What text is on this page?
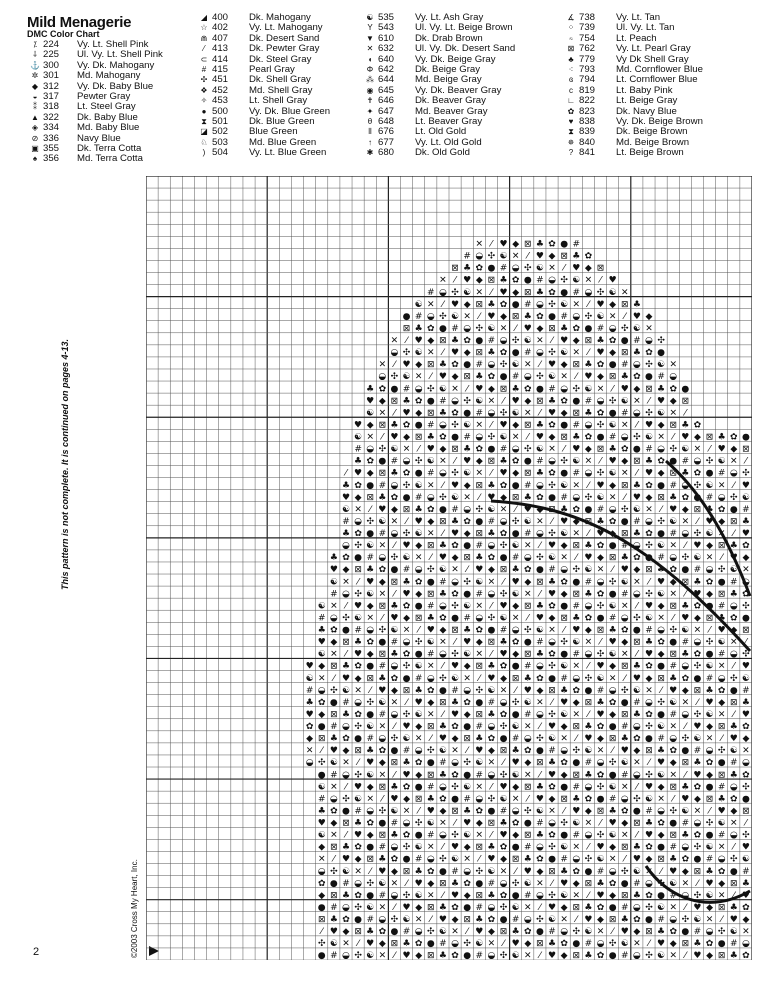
Mild Menagerie
DMC Color Chart
⁒ 224	Vy. Lt. Shell Pink
⸸ 225	Ul. Vy. Lt. Shell Pink
⚓ 300	Vy. Dk. Mahogany
✲ 301	Md. Mahogany
◆ 312	Vy. Dk. Baby Blue
◒ 317	Pewter Gray
⁑ 318	Lt. Steel Gray
▲ 322	Dk. Baby Blue
◈ 334	Md. Baby Blue
⊘ 336	Navy Blue
▣ 355	Dk. Terra Cotta
♠ 356	Md. Terra Cotta
◢ 400	Dk. Mahogany
☆ 402	Vy. Lt. Mahogany
⋒ 407	Dk. Desert Sand
⁄ 413	Dk. Pewter Gray
⊂ 414	Dk. Steel Gray
# 415	Pearl Gray
✣ 451	Dk. Shell Gray
❖ 452	Md. Shell Gray
✧ 453	Lt. Shell Gray
● 500	Vy. Dk. Blue Green
⧗ 501	Dk. Blue Green
◪ 502	Blue Green
♘ 503	Md. Blue Green
) 504	Vy. Lt. Blue Green
☯ 535	Vy. Lt. Ash Gray
Y 543	Ul. Vy. Lt. Beige Brown
▼ 610	Dk. Drab Brown
✕ 632	Ul. Vy. Dk. Desert Sand
◖ 640	Vy. Dk. Beige Gray
Φ 642	Dk. Beige Gray
⁂ 644	Md. Beige Gray
◉ 645	Vy. Dk. Beaver Gray
✝ 646	Dk. Beaver Gray
✦ 647	Md. Beaver Gray
θ 648	Lt. Beaver Gray
⦀ 676	Lt. Old Gold
↑ 677	Vy. Lt. Old Gold
✱ 680	Dk. Old Gold
∡ 738	Vy. Lt. Tan
⁘ 739	Ul. Vy. Lt. Tan
⍨ 754	Lt. Peach
⊠ 762	Vy. Lt. Pearl Gray
♣ 779	Vy Dk Shell Gray
⁖ 793	Md. Cornflower Blue
ɞ 794	Lt. Cornflower Blue
c 819	Lt. Baby Pink
∟ 822	Lt. Beige Gray
✿ 823	Dk. Navy Blue
♥ 838	Vy. Dk. Beige Brown
⧗ 839	Dk. Beige Brown
✵ 840	Md. Beige Brown
? 841	Lt. Beige Brown
This pattern is not complete. It is continued on pages 4-13.
©2003 Cross My Heart, Inc.
2
✕ ⁄ ♥ ◆ ⊠ ♣ ✿ ● #
# ◒ ✣ ☯ ✕ ⁄ ♥ ◆ ⊠ ♣ ✿
⊠ ♣ ✿ ● # ◒ ✣ ☯ ✕ ⁄ ♥ ◆ ⊠
✕ ⁄ ♥ ◆ ⊠ ♣ ✿ ● # ◒ ✣ ☯ ✕ ⁄ ♥
# ◒ ✣ ☯ ✕ ⁄ ♥ ◆ ⊠ ♣ ✿ ● # ◒ ✣ ☯ ✕
☯ ✕ ⁄ ♥ ◆ ⊠ ♣ ✿ ● # ◒ ✣ ☯ ✕ ⁄ ♥ ◆ ⊠ ♣
● # ◒ ✣ ☯ ✕ ⁄ ♥ ◆ ⊠ ♣ ✿ ● # ◒ ✣ ☯ ✕ ⁄ ♥ ◆
⊠ ♣ ✿ ● # ◒ ✣ ☯ ✕ ⁄ ♥ ◆ ⊠ ♣ ✿ ● # ◒ ✣ ☯ ✕
✕ ⁄ ♥ ◆ ⊠ ♣ ✿ ● # ◒ ✣ ☯ ✕ ⁄ ♥ ◆ ⊠ ♣ ✿ ● # ◒ ✣
◒ ✣ ☯ ✕ ⁄ ♥ ◆ ⊠ ♣ ✿ ● # ◒ ✣ ☯ ✕ ⁄ ♥ ◆ ⊠ ♣ ✿ ●
✕ ⁄ ♥ ◆ ⊠ ♣ ✿ ● # ◒ ✣ ☯ ✕ ⁄ ♥ ◆ ⊠ ♣ ✿ ● # ◒ ✣ ☯ ✕
◒ ✣ ☯ ✕ ⁄ ♥ ◆ ⊠ ♣ ✿ ● # ◒ ✣ ☯ ✕ ⁄ ♥ ◆ ⊠ ♣ ✿ ● # ◒
♣ ✿ ● # ◒ ✣ ☯ ✕ ⁄ ♥ ◆ ⊠ ♣ ✿ ● # ◒ ✣ ☯ ✕ ⁄ ♥ ◆ ⊠ ♣ ✿ ●
♥ ◆ ⊠ ♣ ✿ ● # ◒ ✣ ☯ ✕ ⁄ ♥ ◆ ⊠ ♣ ✿ ● # ◒ ✣ ☯ ✕ ⁄ ♥ ◆ ⊠
☯ ✕ ⁄ ♥ ◆ ⊠ ♣ ✿ ● # ◒ ✣ ☯ ✕ ⁄ ♥ ◆ ⊠ ♣ ✿ ● # ◒ ✣ ☯ ✕ ⁄
♥ ◆ ⊠ ♣ ✿ ● # ◒ ✣ ☯ ✕ ⁄ ♥ ◆ ⊠ ♣ ✿ ● # ◒ ✣ ☯ ✕ ⁄ ♥ ◆ ⊠ ♣ ✿
☯ ✕ ⁄ ♥ ◆ ⊠ ♣ ✿ ● # ◒ ✣ ☯ ✕ ⁄ ♥ ◆ ⊠ ♣ ✿ ● # ◒ ✣ ☯ ✕ ⁄ ♥ ◆ ⊠ ♣ ✿ ●
# ◒ ✣ ☯ ✕ ⁄ ♥ ◆ ⊠ ♣ ✿ ● # ◒ ✣ ☯ ✕ ⁄ ♥ ◆ ⊠ ♣ ✿ ● # ◒ ✣ ☯ ✕ ⁄ ♥ ◆ ⊠
♣ ✿ ● # ◒ ✣ ☯ ✕ ⁄ ♥ ◆ ⊠ ♣ ✿ ● # ◒ ✣ ☯ ✕ ⁄ ♥ ◆ ⊠ ♣ ✿ ● # ◒ ✣ ☯ ✕ ⁄
⁄ ♥ ◆ ⊠ ♣ ✿ ● # ◒ ✣ ☯ ✕ ⁄ ♥ ◆ ⊠ ♣ ✿ ● # ◒ ✣ ☯ ✕ ⁄ ♥ ◆ ⊠ ♣ ✿ ● # ◒ ✣
♣ ✿ ● # ◒ ✣ ☯ ✕ ⁄ ♥ ◆ ⊠ ♣ ✿ ● # ◒ ✣ ☯ ✕ ⁄ ♥ ◆ ⊠ ♣ ✿ ● # ◒ ✣ ☯ ✕ ⁄ ♥
♥ ◆ ⊠ ♣ ✿ ● # ◒ ✣ ☯ ✕ ⁄ ♥ ◆ ⊠ ♣ ✿ ● # ◒ ✣ ☯ ✕ ⁄ ♥ ◆ ⊠ ♣ ✿ ● # ◒ ✣ ☯
☯ ✕ ⁄ ♥ ◆ ⊠ ♣ ✿ ● # ◒ ✣ ☯ ✕ ⁄ ♥ ◆ ⊠ ♣ ✿ ● # ◒ ✣ ☯ ✕ ⁄ ♥ ◆ ⊠ ♣ ✿ ● #
# ◒ ✣ ☯ ✕ ⁄ ♥ ◆ ⊠ ♣ ✿ ● # ◒ ✣ ☯ ✕ ⁄ ♥ ◆ ⊠ ♣ ✿ ● # ◒ ✣ ☯ ✕ ⁄ ♥ ◆ ⊠ ♣
♣ ✿ ● # ◒ ✣ ☯ ✕ ⁄ ♥ ◆ ⊠ ♣ ✿ ● # ◒ ✣ ☯ ✕ ⁄ ♥ ◆ ⊠ ♣ ✿ ● # ◒ ✣ ☯ ✕ ⁄ ♥
◒ ✣ ☯ ✕ ⁄ ♥ ◆ ⊠ ♣ ✿ ● # ◒ ✣ ☯ ✕ ⁄ ♥ ◆ ⊠ ♣ ✿ ● # ◒ ✣ ☯ ✕ ⁄ ♥ ◆ ⊠ ♣ ✿
♣ ✿ ● # ◒ ✣ ☯ ✕ ⁄ ♥ ◆ ⊠ ♣ ✿ ● # ◒ ✣ ☯ ✕ ⁄ ♥ ◆ ⊠ ♣ ✿ ● # ◒ ✣ ☯ ✕ ⁄ ♥ ◆
♥ ◆ ⊠ ♣ ✿ ● # ◒ ✣ ☯ ✕ ⁄ ♥ ◆ ⊠ ♣ ✿ ● # ◒ ✣ ☯ ✕ ⁄ ♥ ◆ ⊠ ♣ ✿ ● # ◒ ✣ ☯ ✕
☯ ✕ ⁄ ♥ ◆ ⊠ ♣ ✿ ● # ◒ ✣ ☯ ✕ ⁄ ♥ ◆ ⊠ ♣ ✿ ● # ◒ ✣ ☯ ✕ ⁄ ♥ ◆ ⊠ ♣ ✿ ● # ◒
# ◒ ✣ ☯ ✕ ⁄ ♥ ◆ ⊠ ♣ ✿ ● # ◒ ✣ ☯ ✕ ⁄ ♥ ◆ ⊠ ♣ ✿ ● # ◒ ✣ ☯ ✕ ⁄ ♥ ◆ ⊠ ♣ ✿
☯ ✕ ⁄ ♥ ◆ ⊠ ♣ ✿ ● # ◒ ✣ ☯ ✕ ⁄ ♥ ◆ ⊠ ♣ ✿ ● # ◒ ✣ ☯ ✕ ⁄ ♥ ◆ ⊠ ♣ ✿ ● # ◒ ✣
# ◒ ✣ ☯ ✕ ⁄ ♥ ◆ ⊠ ♣ ✿ ● # ◒ ✣ ☯ ✕ ⁄ ♥ ◆ ⊠ ♣ ✿ ● # ◒ ✣ ☯ ✕ ⁄ ♥ ◆ ⊠ ♣ ✿ ●
♣ ✿ ● # ◒ ✣ ☯ ✕ ⁄ ♥ ◆ ⊠ ♣ ✿ ● # ◒ ✣ ☯ ✕ ⁄ ♥ ◆ ⊠ ♣ ✿ ● # ◒ ✣ ☯ ✕ ⁄ ♥ ◆ ⊠
♥ ◆ ⊠ ♣ ✿ ● # ◒ ✣ ☯ ✕ ⁄ ♥ ◆ ⊠ ♣ ✿ ● # ◒ ✣ ☯ ✕ ⁄ ♥ ◆ ⊠ ♣ ✿ ● # ◒ ✣ ☯ ✕ ⁄
☯ ✕ ⁄ ♥ ◆ ⊠ ♣ ✿ ● # ◒ ✣ ☯ ✕ ⁄ ♥ ◆ ⊠ ♣ ✿ ● # ◒ ✣ ☯ ✕ ⁄ ♥ ◆ ⊠ ♣ ✿ ● # ◒ ✣
♥ ◆ ⊠ ♣ ✿ ● # ◒ ✣ ☯ ✕ ⁄ ♥ ◆ ⊠ ♣ ✿ ● # ◒ ✣ ☯ ✕ ⁄ ♥ ◆ ⊠ ♣ ✿ ● # ◒ ✣ ☯ ✕ ⁄ ♥
☯ ✕ ⁄ ♥ ◆ ⊠ ♣ ✿ ● # ◒ ✣ ☯ ✕ ⁄ ♥ ◆ ⊠ ♣ ✿ ● # ◒ ✣ ☯ ✕ ⁄ ♥ ◆ ⊠ ♣ ✿ ● # ◒ ✣ ☯
# ◒ ✣ ☯ ✕ ⁄ ♥ ◆ ⊠ ♣ ✿ ● # ◒ ✣ ☯ ✕ ⁄ ♥ ◆ ⊠ ♣ ✿ ● # ◒ ✣ ☯ ✕ ⁄ ♥ ◆ ⊠ ♣ ✿ ● #
♣ ✿ ● # ◒ ✣ ☯ ✕ ⁄ ♥ ◆ ⊠ ♣ ✿ ● # ◒ ✣ ☯ ✕ ⁄ ♥ ◆ ⊠ ♣ ✿ ● # ◒ ✣ ☯ ✕ ⁄ ♥ ◆ ⊠ ♣
♥ ◆ ⊠ ♣ ✿ ● # ◒ ✣ ☯ ✕ ⁄ ♥ ◆ ⊠ ♣ ✿ ● # ◒ ✣ ☯ ✕ ⁄ ♥ ◆ ⊠ ♣ ✿ ● # ◒ ✣ ☯ ✕ ⁄ ♥
✿ ● # ◒ ✣ ☯ ✕ ⁄ ♥ ◆ ⊠ ♣ ✿ ● # ◒ ✣ ☯ ✕ ⁄ ♥ ◆ ⊠ ♣ ✿ ● # ◒ ✣ ☯ ✕ ⁄ ♥ ◆ ⊠ ♣ ✿
◆ ⊠ ♣ ✿ ● # ◒ ✣ ☯ ✕ ⁄ ♥ ◆ ⊠ ♣ ✿ ● # ◒ ✣ ☯ ✕ ⁄ ♥ ◆ ⊠ ♣ ✿ ● # ◒ ✣ ☯ ✕ ⁄ ♥ ◆
✕ ⁄ ♥ ◆ ⊠ ♣ ✿ ● # ◒ ✣ ☯ ✕ ⁄ ♥ ◆ ⊠ ♣ ✿ ● # ◒ ✣ ☯ ✕ ⁄ ♥ ◆ ⊠ ♣ ✿ ● # ◒ ✣ ☯ ✕
◒ ✣ ☯ ✕ ⁄ ♥ ◆ ⊠ ♣ ✿ ● # ◒ ✣ ☯ ✕ ⁄ ♥ ◆ ⊠ ♣ ✿ ● # ◒ ✣ ☯ ✕ ⁄ ♥ ◆ ⊠ ♣ ✿ ● # ◒
● # ◒ ✣ ☯ ✕ ⁄ ♥ ◆ ⊠ ♣ ✿ ● # ◒ ✣ ☯ ✕ ⁄ ♥ ◆ ⊠ ♣ ✿ ● # ◒ ✣ ☯ ✕ ⁄ ♥ ◆ ⊠ ♣ ✿
☯ ✕ ⁄ ♥ ◆ ⊠ ♣ ✿ ● # ◒ ✣ ☯ ✕ ⁄ ♥ ◆ ⊠ ♣ ✿ ● # ◒ ✣ ☯ ✕ ⁄ ♥ ◆ ⊠ ♣ ✿ ● # ◒ ✣
# ◒ ✣ ☯ ✕ ⁄ ♥ ◆ ⊠ ♣ ✿ ● # ◒ ✣ ☯ ✕ ⁄ ♥ ◆ ⊠ ♣ ✿ ● # ◒ ✣ ☯ ✕ ⁄ ♥ ◆ ⊠ ♣ ✿ ●
♣ ✿ ● # ◒ ✣ ☯ ✕ ⁄ ♥ ◆ ⊠ ♣ ✿ ● # ◒ ✣ ☯ ✕ ⁄ ♥ ◆ ⊠ ♣ ✿ ● # ◒ ✣ ☯ ✕ ⁄ ♥ ◆ ⊠
♥ ◆ ⊠ ♣ ✿ ● # ◒ ✣ ☯ ✕ ⁄ ♥ ◆ ⊠ ♣ ✿ ● # ◒ ✣ ☯ ✕ ⁄ ♥ ◆ ⊠ ♣ ✿ ● # ◒ ✣ ☯ ✕ ⁄
☯ ✕ ⁄ ♥ ◆ ⊠ ♣ ✿ ● # ◒ ✣ ☯ ✕ ⁄ ♥ ◆ ⊠ ♣ ✿ ● # ◒ ✣ ☯ ✕ ⁄ ♥ ◆ ⊠ ♣ ✿ ● # ◒ ✣
◆ ⊠ ♣ ✿ ● # ◒ ✣ ☯ ✕ ⁄ ♥ ◆ ⊠ ♣ ✿ ● # ◒ ✣ ☯ ✕ ⁄ ♥ ◆ ⊠ ♣ ✿ ● # ◒ ✣ ☯ ✕ ⁄ ♥
✕ ⁄ ♥ ◆ ⊠ ♣ ✿ ● # ◒ ✣ ☯ ✕ ⁄ ♥ ◆ ⊠ ♣ ✿ ● # ◒ ✣ ☯ ✕ ⁄ ♥ ◆ ⊠ ♣ ✿ ● # ◒ ✣ ☯
◒ ✣ ☯ ✕ ⁄ ♥ ◆ ⊠ ♣ ✿ ● # ◒ ✣ ☯ ✕ ⁄ ♥ ◆ ⊠ ♣ ✿ ● # ◒ ✣ ☯ ✕ ⁄ ♥ ◆ ⊠ ♣ ✿ ● #
✿ ● # ◒ ✣ ☯ ✕ ⁄ ♥ ◆ ⊠ ♣ ✿ ● # ◒ ✣ ☯ ✕ ⁄ ♥ ◆ ⊠ ♣ ✿ ● # ◒ ✣ ☯ ✕ ⁄ ♥ ◆ ⊠ ♣
◆ ⊠ ♣ ✿ ● # ◒ ✣ ☯ ✕ ⁄ ♥ ◆ ⊠ ♣ ✿ ● # ◒ ✣ ☯ ✕ ⁄ ♥ ◆ ⊠ ♣ ✿ ● # ◒ ✣ ☯ ✕ ⁄ ♥
● # ◒ ✣ ☯ ✕ ⁄ ♥ ◆ ⊠ ♣ ✿ ● # ◒ ✣ ☯ ✕ ⁄ ♥ ◆ ⊠ ♣ ✿ ● # ◒ ✣ ☯ ✕ ⁄ ♥ ◆ ⊠ ♣ ✿
⊠ ♣ ✿ ● # ◒ ✣ ☯ ✕ ⁄ ♥ ◆ ⊠ ♣ ✿ ● # ◒ ✣ ☯ ✕ ⁄ ♥ ◆ ⊠ ♣ ✿ ● # ◒ ✣ ☯ ✕ ⁄ ♥ ◆
⁄ ♥ ◆ ⊠ ♣ ✿ ● # ◒ ✣ ☯ ✕ ⁄ ♥ ◆ ⊠ ♣ ✿ ● # ◒ ✣ ☯ ✕ ⁄ ♥ ◆ ⊠ ♣ ✿ ● # ◒ ✣ ☯ ✕
✣ ☯ ✕ ⁄ ♥ ◆ ⊠ ♣ ✿ ● # ◒ ✣ ☯ ✕ ⁄ ♥ ◆ ⊠ ♣ ✿ ● # ◒ ✣ ☯ ✕ ⁄ ♥ ◆ ⊠ ♣ ✿ ● # ◒
● # ◒ ✣ ☯ ✕ ⁄ ♥ ◆ ⊠ ♣ ✿ ● # ◒ ✣ ☯ ✕ ⁄ ♥ ◆ ⊠ ♣ ✿ ● # ◒ ✣ ☯ ✕ ⁄ ♥ ◆ ⊠ ♣ ✿
